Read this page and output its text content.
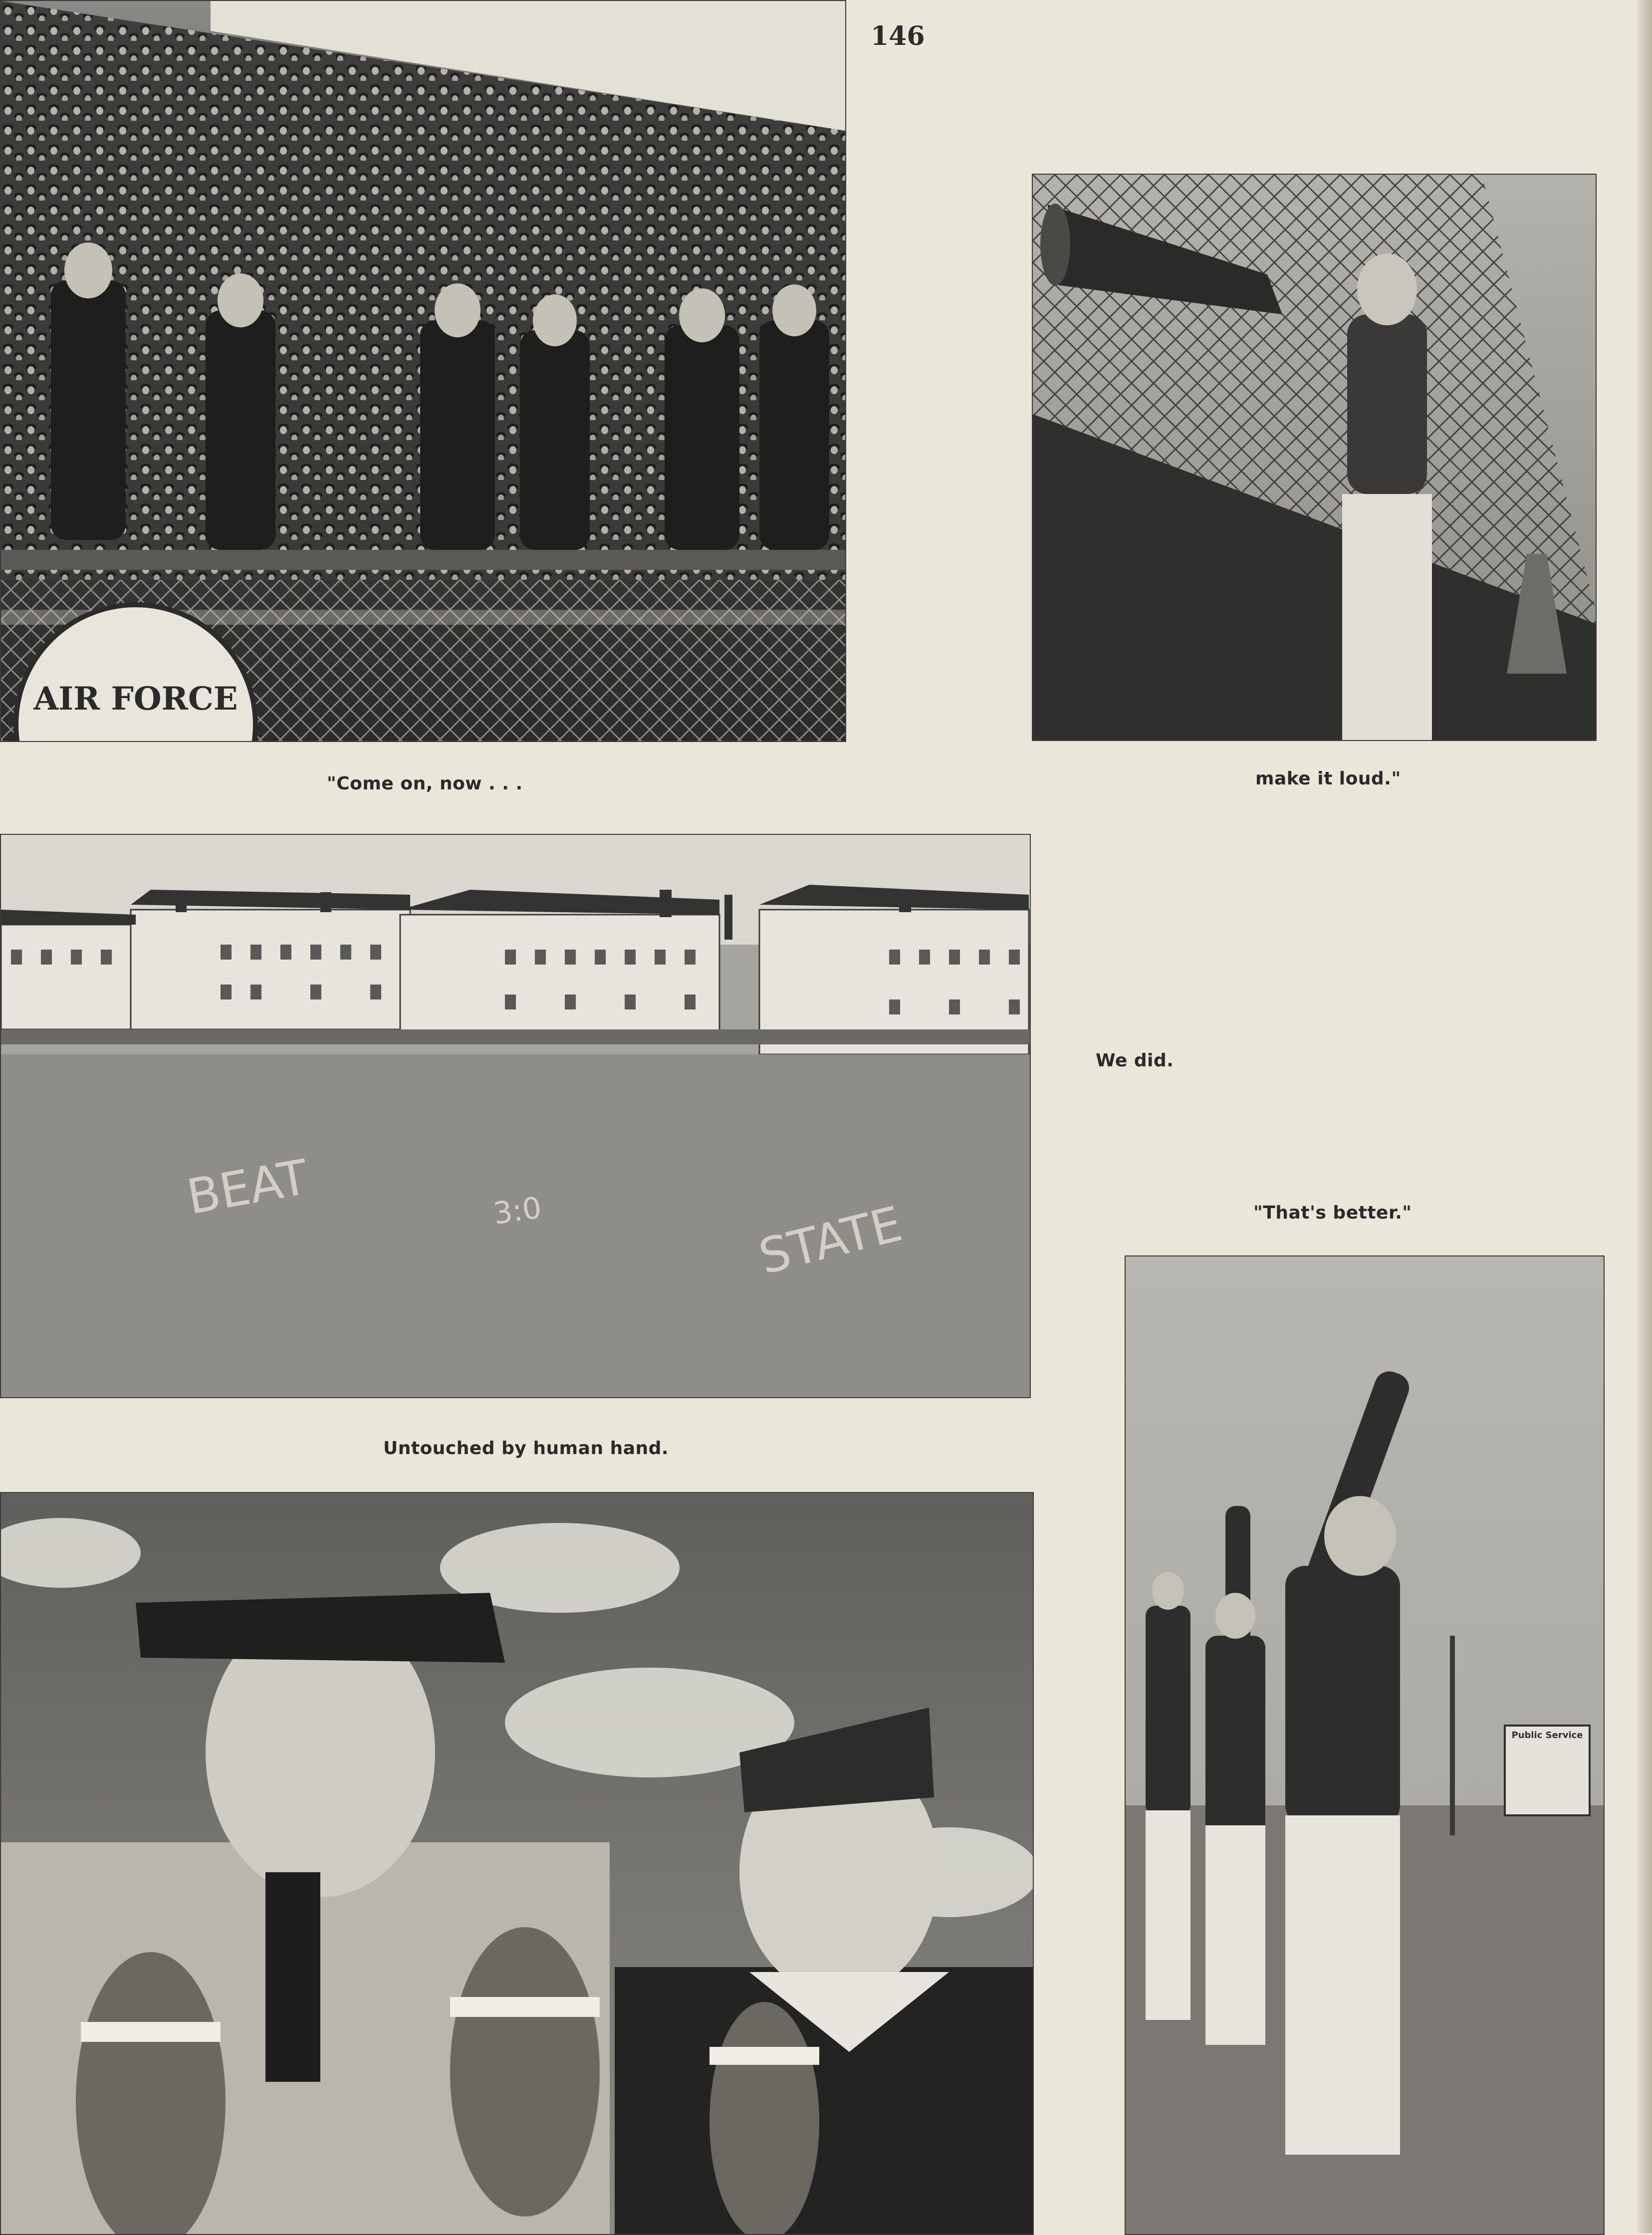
146
AIR FORCE
"Come on, now . . .	make it loud."
BEAT
STATE
3:0
We did.
"That's better."
Untouched by human hand.
Public Service
